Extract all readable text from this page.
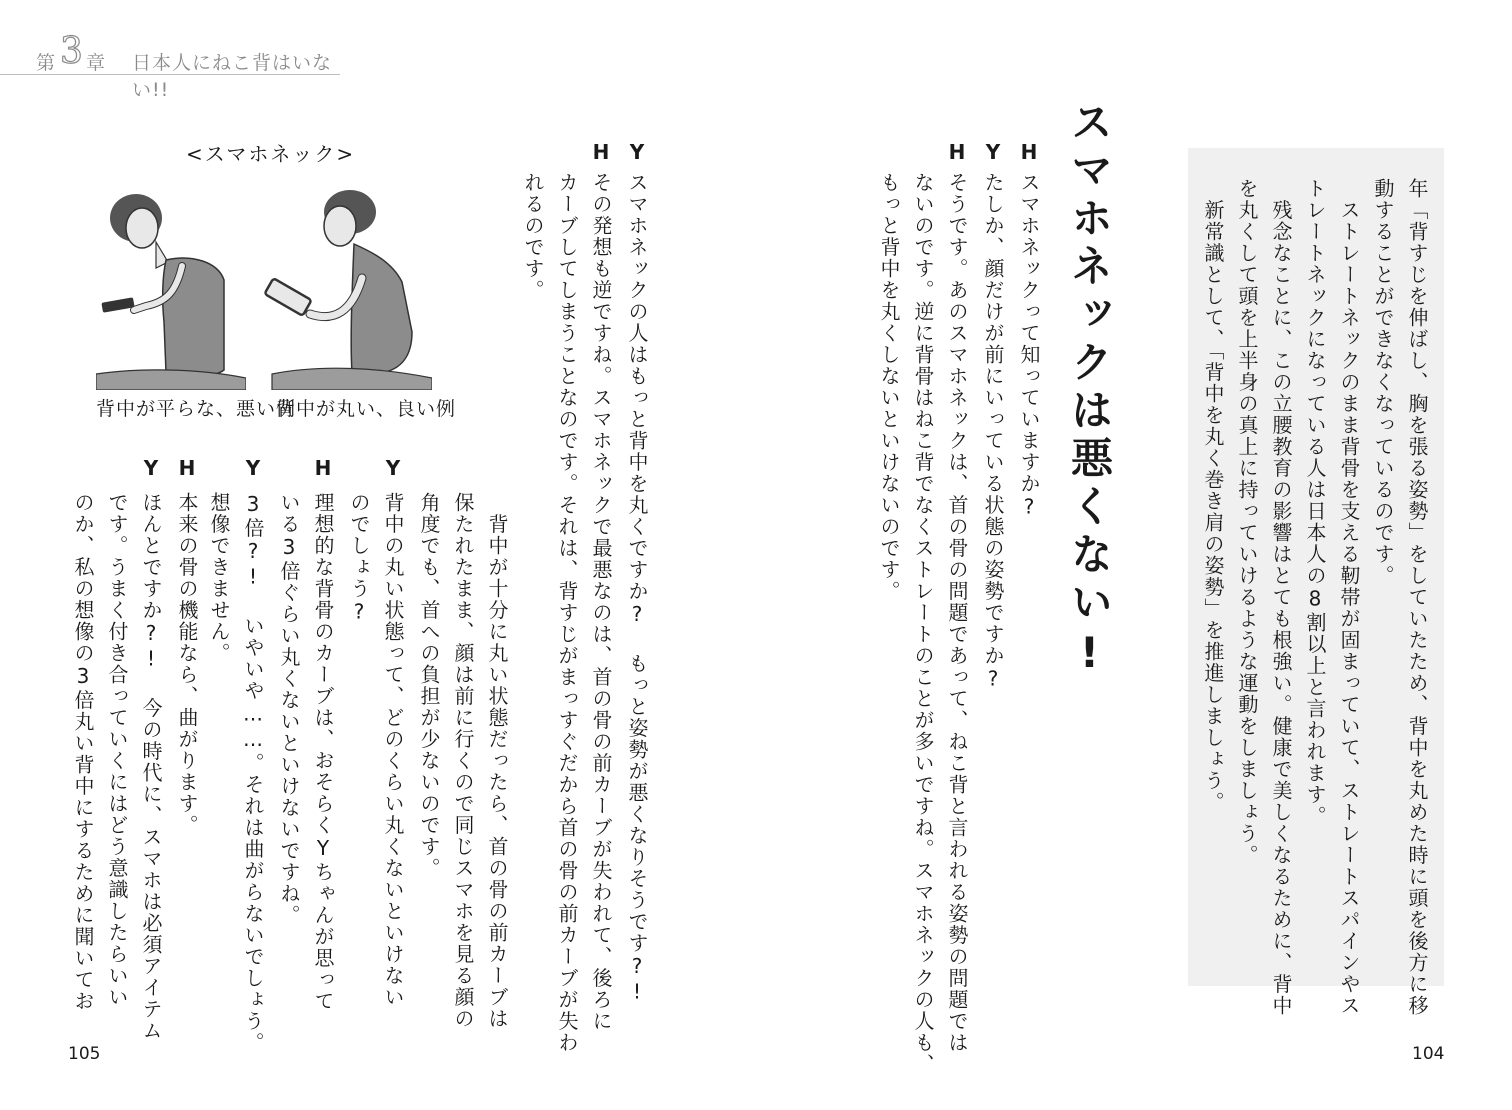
第 3 章 日本人にねこ背はいない!!

年「背すじを伸ばし、胸を張る姿勢」をしていたため、背中を丸めた時に頭を後方に移

動することができなくなっているのです。

　ストレートネックのまま背骨を支える靭帯が固まっていて、ストレートスパインやス

トレートネックになっている人は日本人の8割以上と言われます。

　残念なことに、この立腰教育の影響はとても根強い。健康で美しくなるために、背中

を丸くして頭を上半身の真上に持っていけるような運動をしましょう。

　新常識として、「背中を丸く巻き肩の姿勢」を推進しましょう。

スマホネックは悪くない!
H

スマホネックって知っていますか?

Y

たしか、顔だけが前にいっている状態の姿勢ですか?

H

そうです。あのスマホネックは、首の骨の問題であって、ねこ背と言われる姿勢の問題では

ないのです。逆に背骨はねこ背でなくストレートのことが多いですね。スマホネックの人も、

もっと背中を丸くしないといけないのです。

Y

スマホネックの人はもっと背中を丸くですか? もっと姿勢が悪くなりそうです?!

H

その発想も逆ですね。スマホネックで最悪なのは、首の骨の前カーブが失われて、後ろに

カーブしてしまうことなのです。それは、背すじがまっすぐだから首の骨の前カーブが失わ

れるのです。

<スマホネック>
背中が平らな、悪い例
背中が丸い、良い例

　背中が十分に丸い状態だったら、首の骨の前カーブは

保たれたまま、顔は前に行くので同じスマホを見る顔の

角度でも、首への負担が少ないのです。

Y

背中の丸い状態って、どのくらい丸くないといけない

のでしょう?

H

理想的な背骨のカーブは、おそらくYちゃんが思って

いる3倍ぐらい丸くないといけないですね。

Y

3倍?! いやいや……。それは曲がらないでしょう。

想像できません。

H

本来の骨の機能なら、曲がります。

Y

ほんとですか?! 今の時代に、スマホは必須アイテム

です。うまく付き合っていくにはどう意識したらいい

のか、私の想像の3倍丸い背中にするために聞いてお

105	104
